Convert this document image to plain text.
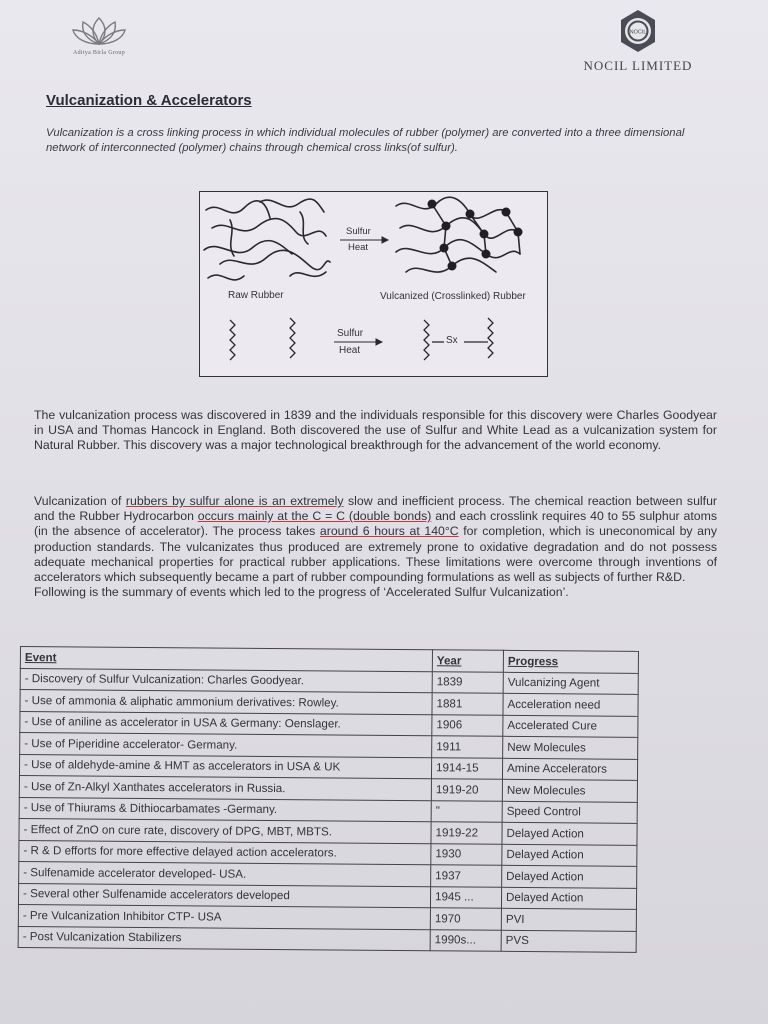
Aditya Birla Group
NOCIL
NOCIL LIMITED
Vulcanization & Accelerators
Vulcanization is a cross linking process in which individual molecules of rubber (polymer) are converted into a three dimensional network of interconnected (polymer) chains through chemical cross links(of sulfur).
Sulfur
Heat
Raw Rubber	Vulcanized (Crosslinked) Rubber
Sulfur
Heat
Sx
The vulcanization process was discovered in 1839 and the individuals responsible for this discovery were Charles Goodyear in USA and Thomas Hancock in England. Both discovered the use of Sulfur and White Lead as a vulcanization system for Natural Rubber. This discovery was a major technological breakthrough for the advancement of the world economy.
Vulcanization of rubbers by sulfur alone is an extremely slow and inefficient process. The chemical reaction between sulfur and the Rubber Hydrocarbon occurs mainly at the C = C (double bonds) and each crosslink requires 40 to 55 sulphur atoms (in the absence of accelerator). The process takes around 6 hours at 140°C for completion, which is uneconomical by any production standards. The vulcanizates thus produced are extremely prone to oxidative degradation and do not possess adequate mechanical properties for practical rubber applications. These limitations were overcome through inventions of accelerators which subsequently became a part of rubber compounding formulations as well as subjects of further R&D.
Following is the summary of events which led to the progress of ‘Accelerated Sulfur Vulcanization’.
Event	Year	Progress
- Discovery of Sulfur Vulcanization: Charles Goodyear.	1839	Vulcanizing Agent
- Use of ammonia & aliphatic ammonium derivatives: Rowley.	1881	Acceleration need
- Use of aniline as accelerator in USA & Germany: Oenslager.	1906	Accelerated Cure
- Use of Piperidine accelerator- Germany.	1911	New Molecules
- Use of aldehyde-amine & HMT as accelerators in USA & UK	1914-15	Amine Accelerators
- Use of Zn-Alkyl Xanthates accelerators in Russia.	1919-20	New Molecules
- Use of Thiurams & Dithiocarbamates -Germany.	"	Speed Control
- Effect of ZnO on cure rate, discovery of DPG, MBT, MBTS.	1919-22	Delayed Action
- R & D efforts for more effective delayed action accelerators.	1930	Delayed Action
- Sulfenamide accelerator developed- USA.	1937	Delayed Action
- Several other Sulfenamide accelerators developed	1945 ...	Delayed Action
- Pre Vulcanization Inhibitor CTP- USA	1970	PVI
- Post Vulcanization Stabilizers	1990s...	PVS
